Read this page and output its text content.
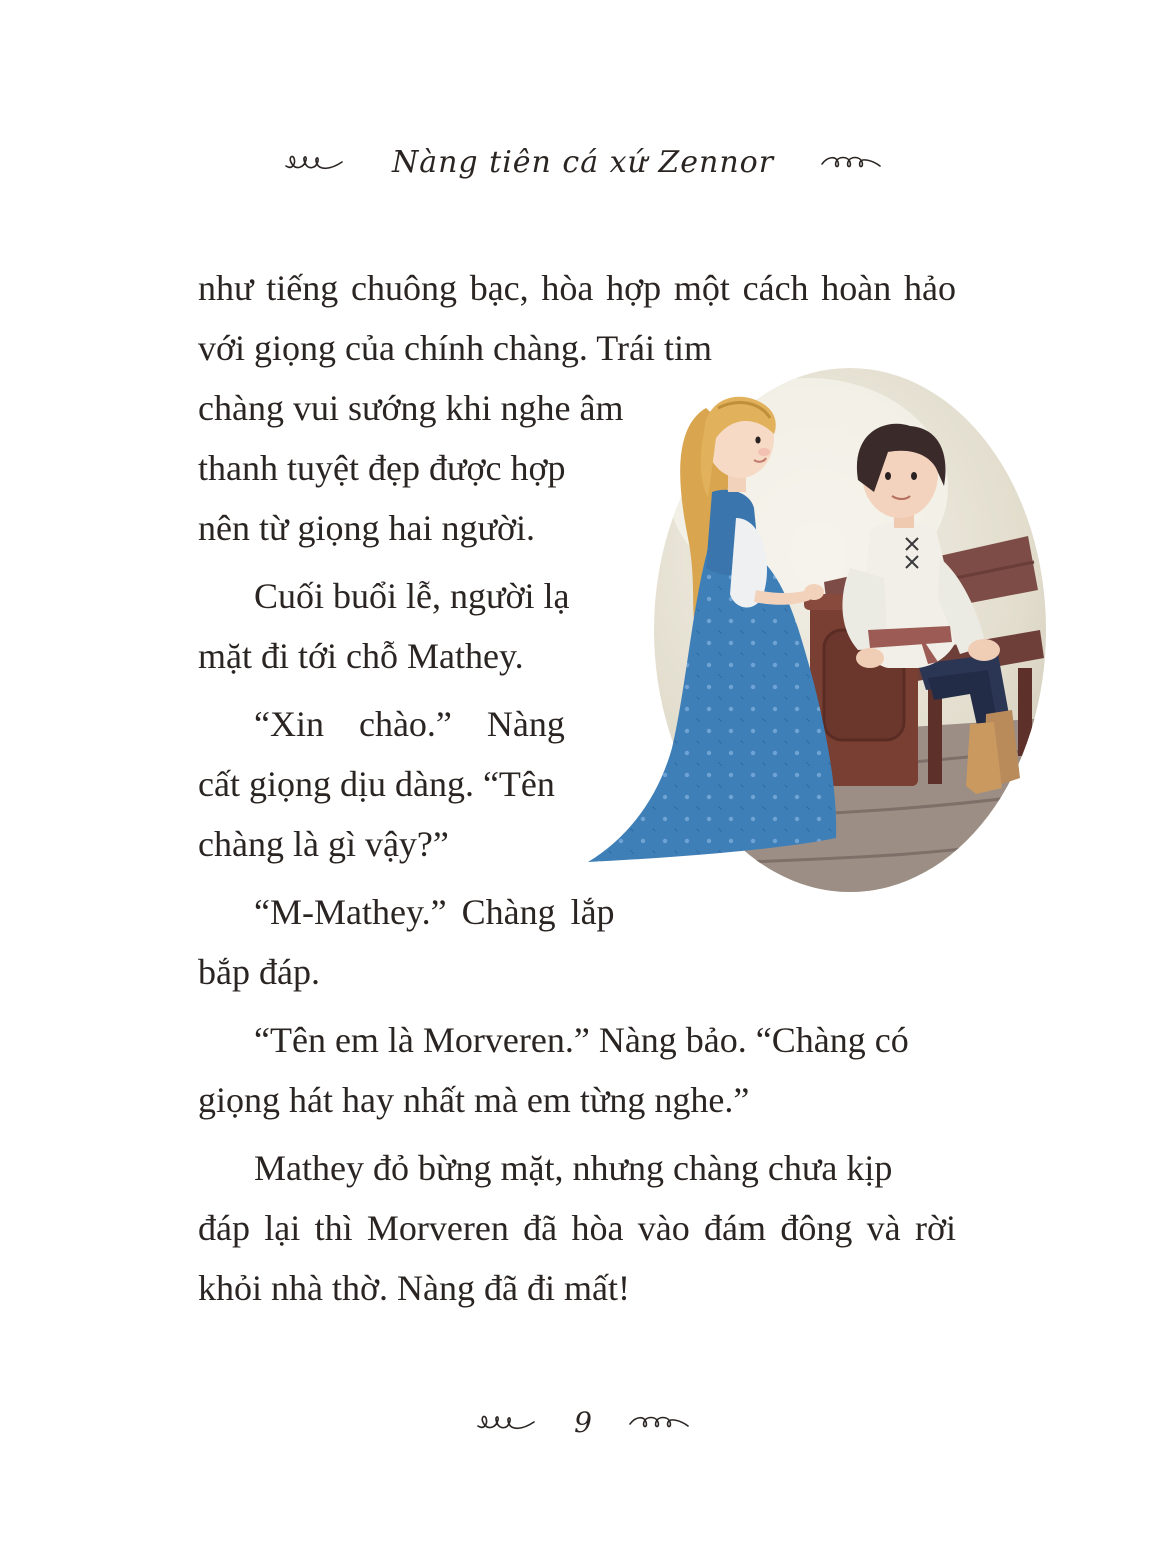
Nàng tiên cá xứ Zennor
như tiếng chuông bạc, hòa hợp một cách hoàn hảo
với giọng của chính chàng. Trái tim
chàng vui sướng khi nghe âm
thanh tuyệt đẹp được hợp
nên từ giọng hai người.
Cuối buổi lễ, người lạ
mặt đi tới chỗ Mathey.
“Xin chào.” Nàng
cất giọng dịu dàng. “Tên
chàng là gì vậy?”
“M-Mathey.” Chàng lắp
bắp đáp.
“Tên em là Morveren.” Nàng bảo. “Chàng có
giọng hát hay nhất mà em từng nghe.”
Mathey đỏ bừng mặt, nhưng chàng chưa kịp
đáp lại thì Morveren đã hòa vào đám đông và rời
khỏi nhà thờ. Nàng đã đi mất!
9
